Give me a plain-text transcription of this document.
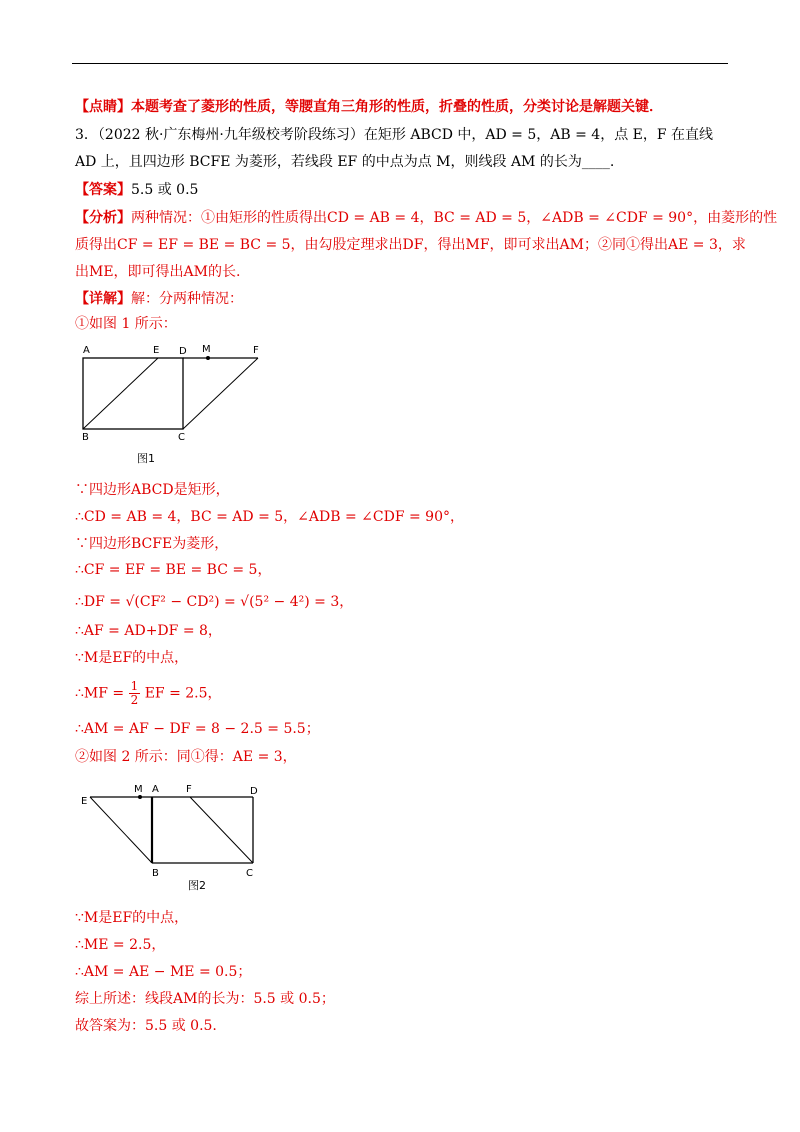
【点睛】本题考查了菱形的性质，等腰直角三角形的性质，折叠的性质，分类讨论是解题关键．
3．（2022 秋·广东梅州·九年级校考阶段练习）在矩形 ABCD 中，AD = 5，AB = 4，点 E，F 在直线
AD 上，且四边形 BCFE 为菱形，若线段 EF 的中点为点 M，则线段 AM 的长为____.
【答案】5.5 或 0.5
【分析】两种情况：①由矩形的性质得出CD = AB = 4，BC = AD = 5，∠ADB = ∠CDF = 90°，由菱形的性
质得出CF = EF = BE = BC = 5，由勾股定理求出DF，得出MF，即可求出AM；②同①得出AE = 3，求
出ME，即可得出AM的长.
【详解】解：分两种情况：
①如图 1 所示：
A	E D M	F
B	C
图1
∵四边形ABCD是矩形，
∴CD = AB = 4，BC = AD = 5，∠ADB = ∠CDF = 90°，
∵四边形BCFE为菱形，
∴CF = EF = BE = BC = 5，
∴DF = √(CF² − CD²) = √(5² − 4²) = 3，
∴AF = AD+DF = 8，
∵M是EF的中点，
∴MF = $\frac{1}{2}$ EF = 2.5，
∴AM = AF − DF = 8 − 2.5 = 5.5；
②如图 2 所示：同①得：AE = 3，
E
M A	F	D
B	C
图2
∵M是EF的中点，
∴ME = 2.5，
∴AM = AE − ME = 0.5；
综上所述：线段AM的长为：5.5 或 0.5；
故答案为：5.5 或 0.5.
